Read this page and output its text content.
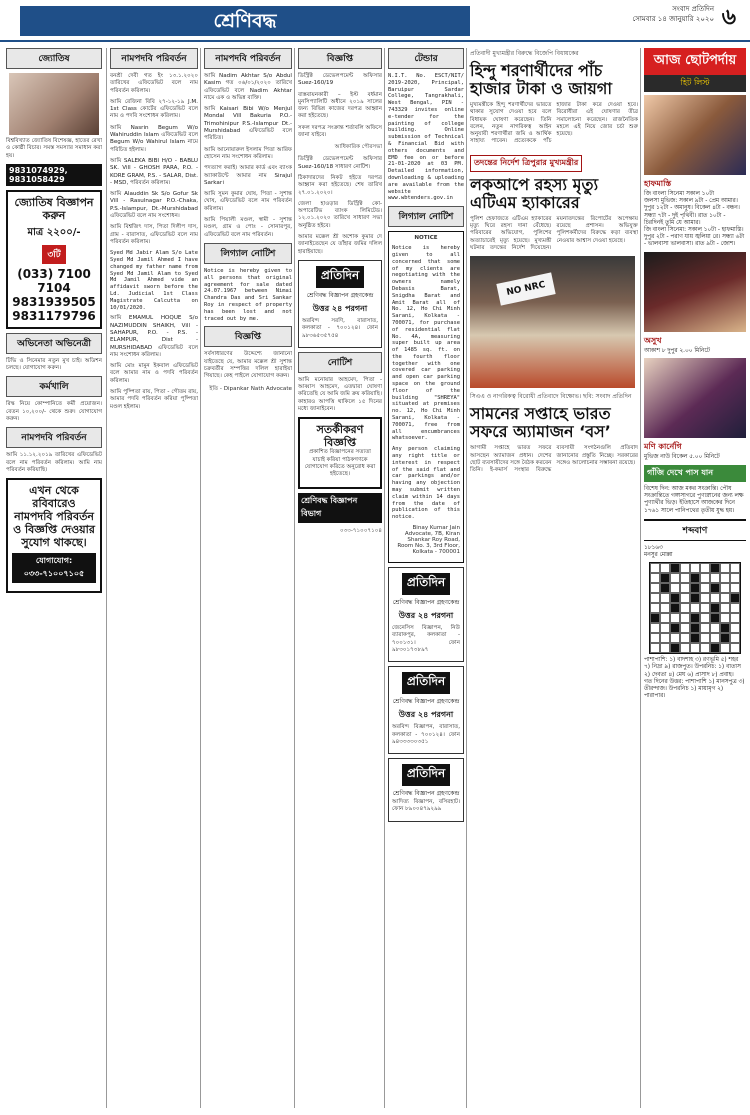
শ্রেণিবদ্ধ
সংবাদ প্রতিদিন
সোমবার ১৪ জানুয়ারি ২০২০ ৬
জ্যোতিষ

বিশ্ববিখ্যাত জ্যোতিষ বিশেষজ্ঞ, হাতের রেখা ও কোষ্ঠী বিচার। সমস্ত সমস্যার সমাধান করা হয়।

9831074929, 9831058429
জ্যোতিষ বিজ্ঞাপন করুন
মাত্র ২২০০/-
৩টি
(033) 7100 7104
9831939505
9831179796
অভিনেতা অভিনেত্রী

টিভি ও সিনেমার নতুন মুখ চাই। অডিশন চলছে। যোগাযোগ করুন।

কর্মখালি

রিস্ক নিয়ে কোম্পানিতে কর্মী প্রয়োজন। বেতন ১০,২০০/- থেকে শুরু। যোগাযোগ করুন।

নামপদবি পরিবর্তন

আমি ১১.১২.২০১৯ তারিখের এফিডেভিট বলে নাম পরিবর্তন করিলাম। আমি নাম পরিবর্তন করিয়াছি।

এখন থেকে রবিবারেও নামপদবি পরিবর্তন ও বিজ্ঞপ্তি দেওয়ার সুযোগ থাকছে।
যোগাযোগ: ০৩৩-৭১০০৭১০৫
নামপদবি পরিবর্তন

বনশ্রী দেবী গত ইং ১৩.১.২০২০ তারিখের এফিডেভিট বলে নাম পরিবর্তন করিলাম।

আমি রেজিনা বিবি ২৭-১২-১৯ J.M. 1st Class কোর্টের এফিডেভিট বলে নাম ও পদবি সংশোধন করিলাম।

আমি Nasrin Begum W/o Wahiruddin Islam এফিডেভিট বলে Begum W/o Wahirul Islam নামে পরিচিত হইলাম।

আমি SALEKA BIBI H/O - BABLU SK. Vill - GHOSH PARA, P.O. - KORE GRAM, P.S. - SALAR, Dist. - MSD, পরিবর্তন করিলাম।

আমি Alauddin Sk S/o Gofur Sk Vill - Rasulnagar P.O.-Chaka, P.S.-Islampur, Dt.-Murshidabad এফিডেভিট বলে নাম সংশোধন।

আমি বিশ্বজিৎ দাস, পিতা দিলীপ দাস, গ্রাম - বারাসাত, এফিডেভিট বলে নাম পরিবর্তন করিলাম।

Syed Md Jabir Alam S/o Late Syed Md Jamil Ahmed I have changed my father name from Syed Md Jamil Alam to Syed Md Jamil Ahmed vide an affidavit sworn before the Ld. Judicial 1st Class Magistrate Calcutta on 10/01/2020.

আমি EMAMUL HOQUE S/o NAZIMUDDIN SHAIKH, Vill - SAHAPUR, P.O. - P.S. - ELAMPUR, Dist - MURSHIDABAD এফিডেভিট বলে নাম সংশোধন করিলাম।

আমি মোঃ মামুন ইকবাল এফিডেভিট বলে আমার নাম ও পদবি পরিবর্তন করিলাম।

আমি পুষ্পিতা রায়, পিতা - গৌতম রায়, আমার পদবি পরিবর্তন করিয়া পুষ্পিতা মণ্ডল হইলাম।

নামপদবি পরিবর্তন

আমি Nadim Akhtar S/o Abdul Kasim গত ০৬/০১/২০২০ তারিখে এফিডেভিট বলে Nadim Akhtar নামে এক ও অভিন্ন ব্যক্তি।

আমি Kaisari Bibi W/o Menjul Mondal Vill Bakuria P.O.-Trimohinipur P.S.-Islampur Dt.-Murshidabad এফিডেভিট বলে পরিচিত।

আমি আনোয়ারুল ইসলাম পিতা আরিফ হোসেন নাম সংশোধন করিলাম।

পদত্যাগ করাই। আমার কার্ড এবং ব্যাংক অ্যাকাউন্টে আমার নাম Sirajul Sarkar।

আমি সুমন কুমার ঘোষ, পিতা - সুশান্ত ঘোষ, এফিডেভিট বলে নাম পরিবর্তন করিলাম।

আমি পিয়ালী মণ্ডল, স্বামী - সুশান্ত মণ্ডল, গ্রাম ও পোঃ - সোনারপুর, এফিডেভিট বলে নাম পরিবর্তন।

লিগ্যাল নোটিশ

Notice is hereby given to all persons that original agreement for sale dated 24.07.1967 between Nimai Chandra Das and Sri Sankar Roy in respect of property has been lost and not traced out by me.

বিজ্ঞপ্তি

সর্বসাধারণের উদ্দেশ্যে জানানো যাইতেছে যে, আমার মক্কেল শ্রী সুশান্ত চক্রবর্তীর সম্পত্তির দলিল হারাইয়া গিয়াছে। কেহ পাইলে যোগাযোগ করুন।

ইতি - Dipankar Nath Advocate
বিজ্ঞপ্তি

ডিস্ট্রিক্ট ডেভেলপমেন্ট অফিসার Suez-160/19

বাস্তবায়নকারী – ইস্ট বর্ধমান মুনসিপ্যালিটি অধীনে ২০১৯ সালের জন্য বিভিন্ন কাজের দরপত্র আহ্বান করা হইতেছে।

সকল দরপত্র সংক্রান্ত শর্তাবলি অফিসে জানা যাইবে।

আধিকারিক পৌরসভা

ডিস্ট্রিক্ট ডেভেলপমেন্ট অফিসার Suez-160/18 সাধারণ নোটিশ।

ঠিকাদারদের নিকট হইতে দরপত্র আহ্বান করা হইতেছে। শেষ তারিখ ২৭.০১.২০২০।

জেলা হাওড়ার ডিস্ট্রিক্ট কো-অপারেটিভ ব্যাংক লিমিটেড। ১২.০১.২০২০ তারিখে সাধারণ সভা অনুষ্ঠিত হইবে।

আমার মক্কেল শ্রী অশোক কুমার দে জানাইতেছেন যে তাঁহার জমির দলিল হারাইয়াছে।

প্রতিদিন
শ্রেণিবদ্ধ বিজ্ঞাপন গ্রহণকেন্দ্র
উত্তর ২৪ পরগনা

অরবিন্দ সরণি, বারাসাত, কলকাতা - ৭০০১২৪। ফোন ৯৮৩৬৫৩৫৭৫৪

নোটিশ

আমি মনোয়ার আহমেদ, পিতা - আব্বাস আহমেদ, এতদ্বারা ঘোষণা করিতেছি যে আমি জমি ক্রয় করিয়াছি। কাহারও আপত্তি থাকিলে ১৫ দিনের মধ্যে জানাইবেন।

সতর্কীকরণ বিজ্ঞপ্তি

প্রকাশিত বিজ্ঞাপনের সত্যতা যাচাই করিয়া পাঠকগণকে যোগাযোগ করিতে অনুরোধ করা হইতেছে।

শ্রেণিবদ্ধ বিজ্ঞাপন বিভাগ
০৩৩-৭১০০৭১০৪
টেন্ডার

N.I.T. No. ESCT/NIT/ 2019-2020, Principal, Baruipur Sardar College, Tangrakhali, West Bengal, PIN - 743329 invites online e-tender for the painting of college building. Online submission of Technical & Financial Bid with others documents and EMD fee on or before 21-01-2020 at 03 PM. Detailed information, downloading & uploading are available from the website www.wbtenders.gov.in

লিগ্যাল নোটিশ
NOTICE

Notice is hereby given to all concerned that some of my clients are negotiating with the owners namely Debasis Barat, Snigdha Barat and Amit Barat all of No. 12, Ho Chi Minh Sarani, Kolkata - 700071, for purchase of residential flat No. 4A, measuring super built up area of 1485 sq. ft. on the fourth floor together with one covered car parking and open car parking space on the ground floor of the building "SHREYA" situated at premises no. 12, Ho Chi Minh Sarani, Kolkata - 700071, free from all encumbrances whatsoever.

Any person claiming any right title or interest in respect of the said flat and car parkings and/or having any objection may submit written claim within 14 days from the date of publication of this notice.

Binay Kumar Jain Advocate, 7B, Kiran Shankar Roy Road, Room No. 3, 3rd Floor, Kolkata - 700001
প্রতিদিন
শ্রেণিবদ্ধ বিজ্ঞাপন গ্রহণকেন্দ্র
উত্তর ২৪ পরগনা

জেনেসিস বিজ্ঞাপন, নিউ ব্যারাকপুর, কলকাতা - ৭০০১৩১। ফোন ৯৮৩০১৭৩৮৯৭

প্রতিদিন
শ্রেণিবদ্ধ বিজ্ঞাপন গ্রহণকেন্দ্র
উত্তর ২৪ পরগনা

অরবিন্দ বিজ্ঞাপন, বারাসাত, কলকাতা - ৭০০১২৪। ফোন ৯৪৩৩৩৩০৩৫১

প্রতিদিন
শ্রেণিবদ্ধ বিজ্ঞাপন গ্রহণকেন্দ্র

আদিত্য বিজ্ঞাপন, বসিরহাট। ফোন ৮৯০০৪৭৯২৯৯

প্রতিবাদী মুখ্যমন্ত্রীর বিরুদ্ধে বিজেপি বিধায়কের
হিন্দু শরণার্থীদের পাঁচ হাজার টাকা ও জায়গা

মুখ্যমন্ত্রীকে হিন্দু শরণার্থীদের ভারতে থাকার সুযোগ দেওয়া হবে বলে বিধায়ক ঘোষণা করেছেন। তিনি বলেন, নতুন নাগরিকত্ব আইন অনুযায়ী শরণার্থীরা জমি ও আর্থিক সাহায্য পাবেন। প্রত্যেককে পাঁচ হাজার টাকা করে দেওয়া হবে। বিরোধীরা এই ঘোষণার তীব্র সমালোচনা করেছেন। রাজনৈতিক মহলে এই নিয়ে জোর চর্চা শুরু হয়েছে।

তদন্তের নির্দেশ ত্রিপুরার মুখ্যমন্ত্রীর
লকআপে রহস্য মৃত্যু এটিএম হ্যাকারের

পুলিশ হেফাজতে এটিএম হ্যাকারের মৃত্যু ঘিরে রহস্য দানা বেঁধেছে। পরিবারের অভিযোগ, পুলিশের অত্যাচারেই মৃত্যু হয়েছে। মুখ্যমন্ত্রী ঘটনার তদন্তের নির্দেশ দিয়েছেন। ময়নাতদন্তের রিপোর্টের অপেক্ষায় রয়েছে প্রশাসন। অভিযুক্ত পুলিশকর্মীদের বিরুদ্ধে কড়া ব্যবস্থা নেওয়ার আশ্বাস দেওয়া হয়েছে।

NO NRC
সিএএ ও নাগরিকত্ব বিরোধী প্রতিবাদে বিক্ষোভ। ছবি: সংবাদ প্রতিদিন
সামনের সপ্তাহে ভারত সফরে অ্যামাজন ‘বস’

আগামী সপ্তাহে ভারত সফরে আসছেন অ্যামাজন প্রধান। দেশের ছোট ব্যবসায়ীদের সঙ্গে বৈঠক করবেন তিনি। ই-কমার্স সংস্থার বিরুদ্ধে ব্যবসায়ী সংগঠনগুলি প্রতিবাদ জানানোর প্রস্তুতি নিচ্ছে। সরকারের সঙ্গেও আলোচনার সম্ভাবনা রয়েছে।

আজ ছোটপর্দায়
হিট লিস্ট
হাফমাস্তি
জি বাংলা সিনেমা সকাল ১০টা

জলসা মুভিজ: সকাল ৯টা - প্রেম আমার। দুপুর ১২টা - অমানুষ। বিকেল ৪টা - বন্ধন। সন্ধ্যা ৭টা - দুই পৃথিবী। রাত ১০টা - চিরদিনই তুমি যে আমার।

জি বাংলা সিনেমা: সকাল ১০টা - হাফমাস্তি। দুপুর ২টা - পরাণ যায় জ্বলিয়া রে। সন্ধ্যা ৬টা - ভালবাসা ভালবাসা। রাত ৯টা - জোশ।

অসুখ
আকাশ ৮ দুপুর ২.০০ মিনিটে
মণি কার্নেগি
মুভিজ নাউ বিকেল ৫.০০ মিনিটে
গাঁজি দেখে পাস যান

বিশেষ দিন: আজ মকর সংক্রান্তি। পৌষ সংক্রান্তিতে গঙ্গাসাগরে পুণ্যস্নানের জন্য লক্ষ পুণ্যার্থীর ভিড়। ইতিহাসে আজকের দিনে ১৭৬১ সালে পানিপথের তৃতীয় যুদ্ধ হয়।

শব্দবাণ
১৮১৬৩
মনসুর মোল্লা

পাশাপাশি: ১) বাদশাহ ৩) রণভূমি ৫) শহর ৭) নিদ্রা ৯) রাজপুত। উপরনিচ: ১) বাতাস ২) দেবতা ৪) মেঘ ৬) প্রাসাদ ৮) প্রবাহ।

গত দিনের উত্তর: পাশাপাশি ১) মানসপুত্র ৩) তীরন্দাজ। উপরনিচ ১) মায়ামৃগ ২) পারাপার।
